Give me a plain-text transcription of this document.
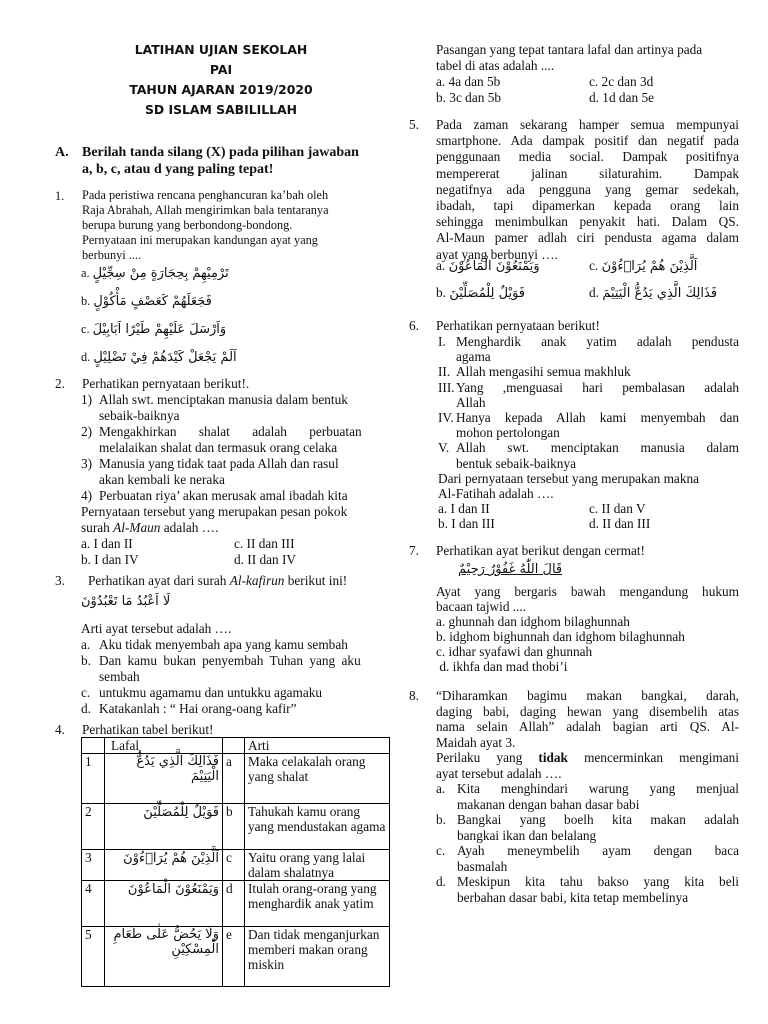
LATIHAN UJIAN SEKOLAH
PAI
TAHUN AJARAN 2019/2020
SD ISLAM SABILILLAH
A. Berilah tanda silang (X) pada pilihan jawaban
a, b, c, atau d yang paling tepat!
1. Pada peristiwa rencana penghancuran ka’bah oleh
Raja Abrahah, Allah mengirimkan bala tentaranya
berupa burung yang berbondong-bondong.
Pernyataan ini merupakan kandungan ayat yang
berbunyi ....
a. تَرْمِيْهِمْ بِحِجَارَةٍ مِنْ سِجِّيْلٍ
b. فَجَعَلَهُمْ كَعَصْفٍ مَأْكُوْلٍ
c. وَاَرْسَلَ عَلَيْهِمْ طَيْرًا اَبَابِيْلَ
d. اَلَمْ يَجْعَلْ كَيْدَهُمْ فِيْ تَضْلِيْلٍ
2. Perhatikan pernyataan berikut!.
1) Allah swt. menciptakan manusia dalam bentuk
sebaik-baiknya
2) Mengakhirkan shalat adalah perbuatan
melalaikan shalat dan termasuk orang celaka
3) Manusia yang tidak taat pada Allah dan rasul
akan kembali ke neraka
4) Perbuatan riya’ akan merusak amal ibadah kita
Pernyataan tersebut yang merupakan pesan pokok
surah Al-Maun adalah ….
a. I dan II	c. II dan III
b. I dan IV	d. II dan IV
3. Perhatikan ayat dari surah Al-kafirun berikut ini!
لَا اَعْبُدُ مَا تَعْبُدُوْنَ
Arti ayat tersebut adalah ….
a. Aku tidak menyembah apa yang kamu sembah
b. Dan kamu bukan penyembah Tuhan yang aku
sembah
c. untukmu agamamu dan untukku agamaku
d. Katakanlah : “ Hai orang-oang kafir”
4. Perhatikan tabel berikut!
	Lafal		Arti
1	فَذَالِكَ الَّذِي يَدُعُّ الْيَتِيْمَ	a	Maka celakalah orang yang shalat
2	فَوَيْلٌ لِلْمُصَلِّيْنَ	b	Tahukah kamu orang yang mendustakan agama
3	اَلَّذِيْنَ هُمْ يُرَاۤءُوْنَ	c	Yaitu orang yang lalai dalam shalatnya
4	وَيَمْنَعُوْنَ الْمَاعُوْنَ	d	Itulah orang-orang yang menghardik anak yatim
5	وَلَا يَحُضُّ عَلٰى طَعَامِ الْمِسْكِيْنِ	e	Dan tidak menganjurkan memberi makan orang miskin
Pasangan yang tepat tantara lafal dan artinya pada
tabel di atas adalah ....
a. 4a dan 5b	c. 2c dan 3d
b. 3c dan 5b	d. 1d dan 5e
5. Pada zaman sekarang hamper semua mempunyai
smartphone. Ada dampak positif dan negatif pada
penggunaan media social. Dampak positifnya
mempererat jalinan silaturahim. Dampak
negatifnya ada pengguna yang gemar sedekah,
ibadah, tapi dipamerkan kepada orang lain
sehingga menimbulkan penyakit hati. Dalam QS.
Al-Maun pamer adlah ciri pendusta agama dalam
ayat yang berbunyi ….
a. وَيَمْنَعُوْنَ الْمَاعُوْنَ	c. اَلَّذِيْنَ هُمْ يُرَاۤءُوْنَ
b. فَوَيْلٌ لِلْمُصَلِّيْنَ	d. فَذَالِكَ الَّذِي يَدُعُّ الْيَتِيْمَ
6. Perhatikan pernyataan berikut!
I. Menghardik anak yatim adalah pendusta
agama
II. Allah mengasihi semua makhluk
III. Yang ,menguasai hari pembalasan adalah
Allah
IV. Hanya kepada Allah kami menyembah dan
mohon pertolongan
V. Allah swt. menciptakan manusia dalam
bentuk sebaik-baiknya
Dari pernyataan tersebut yang merupakan makna
Al-Fatihah adalah ….
a. I dan II	c. II dan V
b. I dan III	d. II dan III
7. Perhatikan ayat berikut dengan cermat!
قَالَ اللّٰهُ غَفُوْرٌ رَحِيْمٌ
Ayat yang bergaris bawah mengandung hukum
bacaan tajwid ....
a. ghunnah dan idghom bilaghunnah
b. idghom bighunnah dan idghom bilaghunnah
c. idhar syafawi dan ghunnah
d. ikhfa dan mad thobi’i
8. “Diharamkan bagimu makan bangkai, darah,
daging babi, daging hewan yang disembelih atas
nama selain Allah” adalah bagian arti QS. Al-
Maidah ayat 3.
Perilaku yang tidak mencerminkan mengimani
ayat tersebut adalah ….
a. Kita menghindari warung yang menjual
makanan dengan bahan dasar babi
b. Bangkai yang boelh kita makan adalah
bangkai ikan dan belalang
c. Ayah meneymbelih ayam dengan baca
basmalah
d. Meskipun kita tahu bakso yang kita beli
berbahan dasar babi, kita tetap membelinya
